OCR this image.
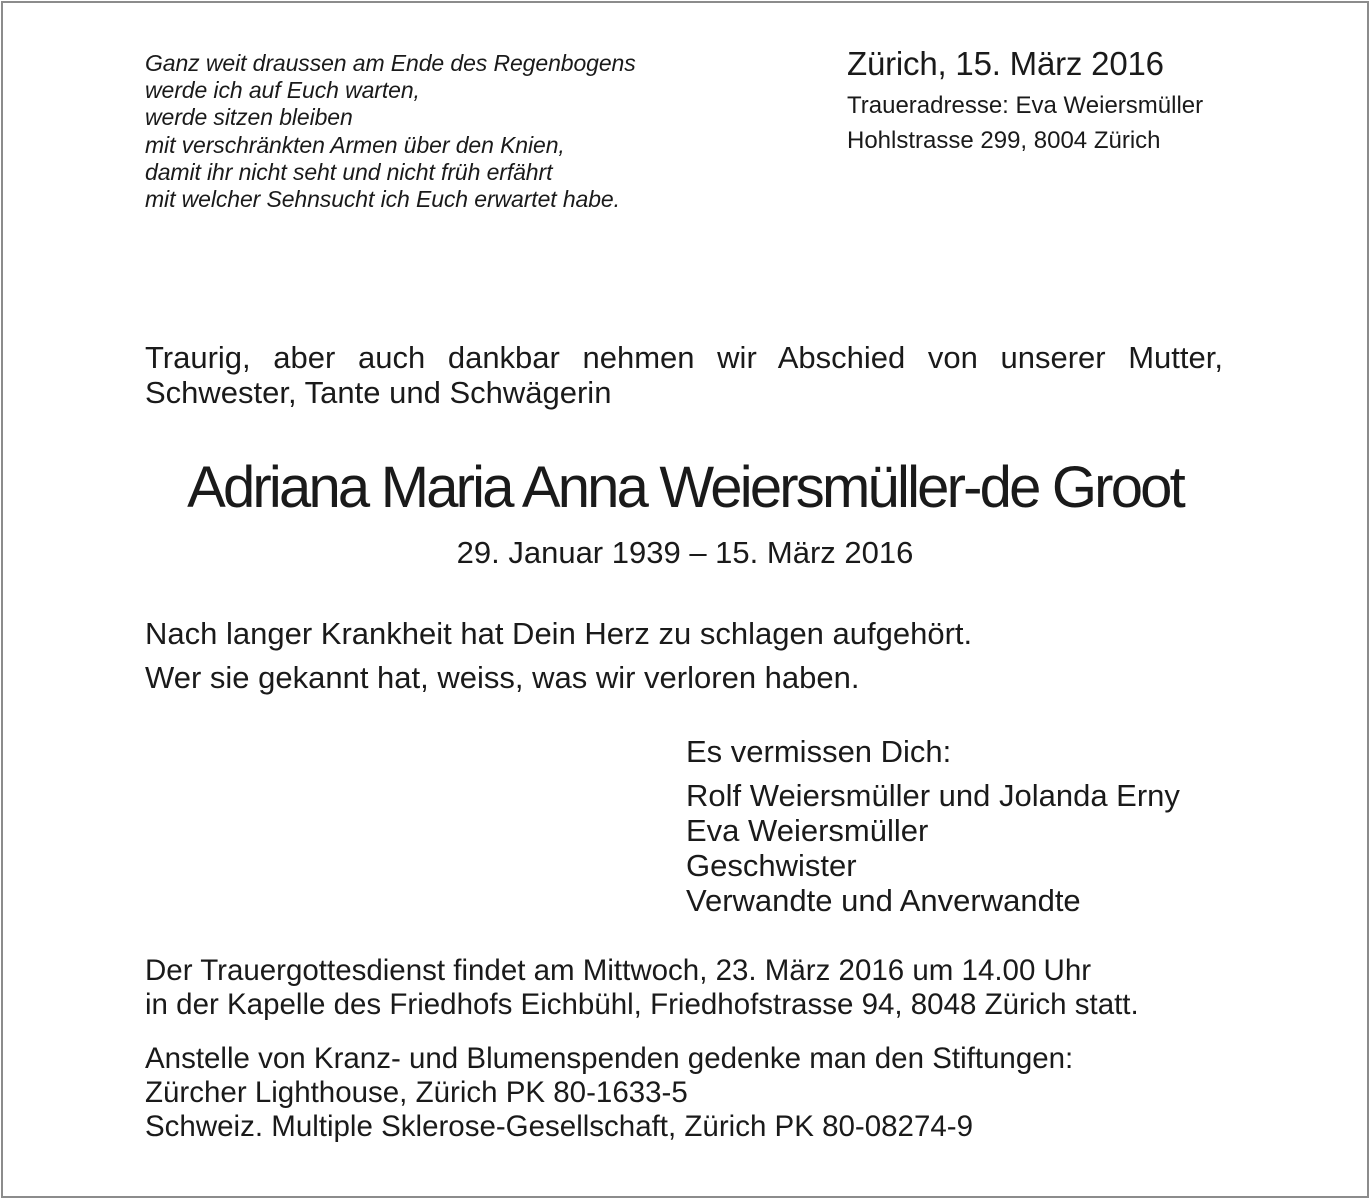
Ganz weit draussen am Ende des Regenbogens
werde ich auf Euch warten,
werde sitzen bleiben
mit verschränkten Armen über den Knien,
damit ihr nicht seht und nicht früh erfährt
mit welcher Sehnsucht ich Euch erwartet habe.
Zürich, 15. März 2016
Traueradresse: Eva Weiersmüller
Hohlstrasse 299, 8004 Zürich
Traurig, aber auch dankbar nehmen wir Abschied von unserer Mutter,
Schwester, Tante und Schwägerin
Adriana Maria Anna Weiersmüller-de Groot
29. Januar 1939 – 15. März 2016
Nach langer Krankheit hat Dein Herz zu schlagen aufgehört.
Wer sie gekannt hat, weiss, was wir verloren haben.
Es vermissen Dich:
Rolf Weiersmüller und Jolanda Erny
Eva Weiersmüller
Geschwister
Verwandte und Anverwandte
Der Trauergottesdienst findet am Mittwoch, 23. März 2016 um 14.00 Uhr
in der Kapelle des Friedhofs Eichbühl, Friedhofstrasse 94, 8048 Zürich statt.
Anstelle von Kranz- und Blumenspenden gedenke man den Stiftungen:
Zürcher Lighthouse, Zürich PK 80-1633-5
Schweiz. Multiple Sklerose-Gesellschaft, Zürich PK 80-08274-9
